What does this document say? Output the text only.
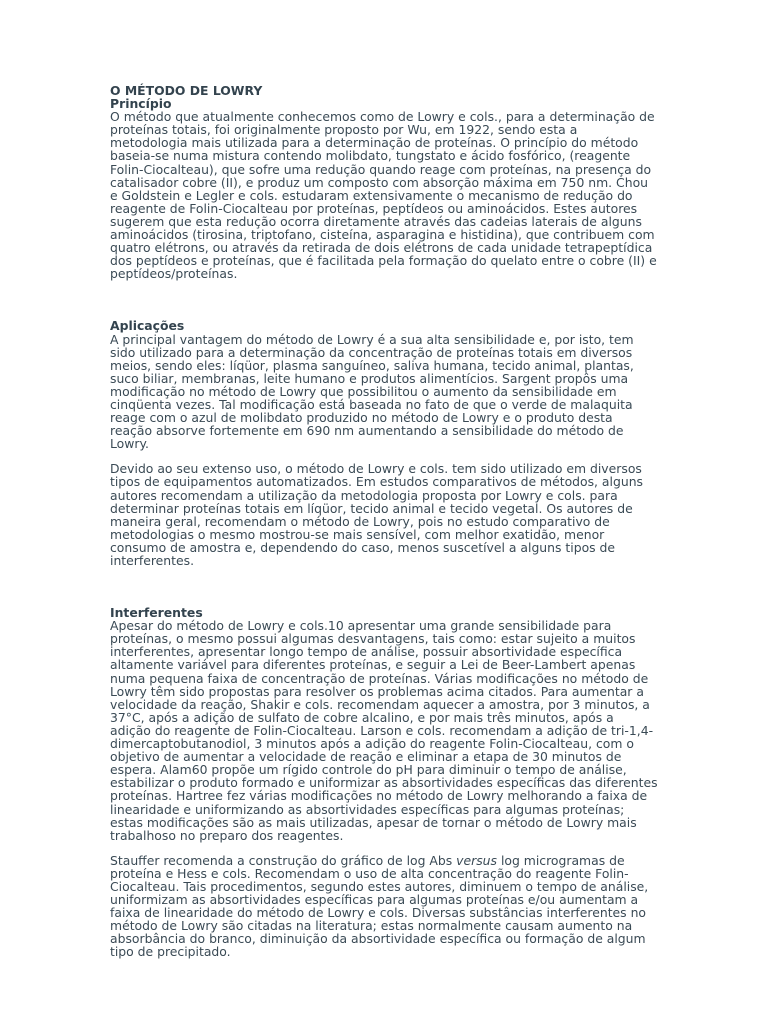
O MÉTODO DE LOWRY
Princípio

O método que atualmente conhecemos como de Lowry e cols., para a determinação de proteínas totais, foi originalmente proposto por Wu, em 1922, sendo esta a metodologia mais utilizada para a determinação de proteínas. O princípio do método baseia-se numa mistura contendo molibdato, tungstato e ácido fosfórico, (reagente Folin-Ciocalteau), que sofre uma redução quando reage com proteínas, na presença do catalisador cobre (II), e produz um composto com absorção máxima em 750 nm. Chou e Goldstein e Legler e cols. estudaram extensivamente o mecanismo de redução do reagente de Folin-Ciocalteau por proteínas, peptídeos ou aminoácidos. Estes autores sugerem que esta redução ocorra diretamente através das cadeias laterais de alguns aminoácidos (tirosina, triptofano, cisteína, asparagina e histidina), que contribuem com quatro elétrons, ou através da retirada de dois elétrons de cada unidade tetrapeptídica dos peptídeos e proteínas, que é facilitada pela formação do quelato entre o cobre (II) e peptídeos/proteínas.

Aplicações

A principal vantagem do método de Lowry é a sua alta sensibilidade e, por isto, tem sido utilizado para a determinação da concentração de proteínas totais em diversos meios, sendo eles: líqüor, plasma sanguíneo, saliva humana, tecido animal, plantas, suco biliar, membranas, leite humano e produtos alimentícios. Sargent propôs uma modificação no método de Lowry que possibilitou o aumento da sensibilidade em cinqüenta vezes. Tal modificação está baseada no fato de que o verde de malaquita reage com o azul de molibdato produzido no método de Lowry e o produto desta reação absorve fortemente em 690 nm aumentando a sensibilidade do método de Lowry.

Devido ao seu extenso uso, o método de Lowry e cols. tem sido utilizado em diversos tipos de equipamentos automatizados. Em estudos comparativos de métodos, alguns autores recomendam a utilização da metodologia proposta por Lowry e cols. para determinar proteínas totais em líqüor, tecido animal e tecido vegetal. Os autores de maneira geral, recomendam o método de Lowry, pois no estudo comparativo de metodologias o mesmo mostrou-se mais sensível, com melhor exatidão, menor consumo de amostra e, dependendo do caso, menos suscetível a alguns tipos de interferentes.

Interferentes

Apesar do método de Lowry e cols.10 apresentar uma grande sensibilidade para proteínas, o mesmo possui algumas desvantagens, tais como: estar sujeito a muitos interferentes, apresentar longo tempo de análise, possuir absortividade específica altamente variável para diferentes proteínas, e seguir a Lei de Beer-Lambert apenas numa pequena faixa de concentração de proteínas. Várias modificações no método de Lowry têm sido propostas para resolver os problemas acima citados. Para aumentar a velocidade da reação, Shakir e cols. recomendam aquecer a amostra, por 3 minutos, a 37°C, após a adição de sulfato de cobre alcalino, e por mais três minutos, após a adição do reagente de Folin-Ciocalteau. Larson e cols. recomendam a adição de tri-1,4-dimercaptobutanodiol, 3 minutos após a adição do reagente Folin-Ciocalteau, com o objetivo de aumentar a velocidade de reação e eliminar a etapa de 30 minutos de espera. Alam60 propõe um rígido controle do pH para diminuir o tempo de análise, estabilizar o produto formado e uniformizar as absortividades específicas das diferentes proteínas. Hartree fez várias modificações no método de Lowry melhorando a faixa de linearidade e uniformizando as absortividades específicas para algumas proteínas; estas modificações são as mais utilizadas, apesar de tornar o método de Lowry mais trabalhoso no preparo dos reagentes.

Stauffer recomenda a construção do gráfico de log Abs versus log microgramas de proteína e Hess e cols. Recomendam o uso de alta concentração do reagente Folin-Ciocalteau. Tais procedimentos, segundo estes autores, diminuem o tempo de análise, uniformizam as absortividades específicas para algumas proteínas e/ou aumentam a faixa de linearidade do método de Lowry e cols. Diversas substâncias interferentes no método de Lowry são citadas na literatura; estas normalmente causam aumento na absorbância do branco, diminuição da absortividade específica ou formação de algum tipo de precipitado.
